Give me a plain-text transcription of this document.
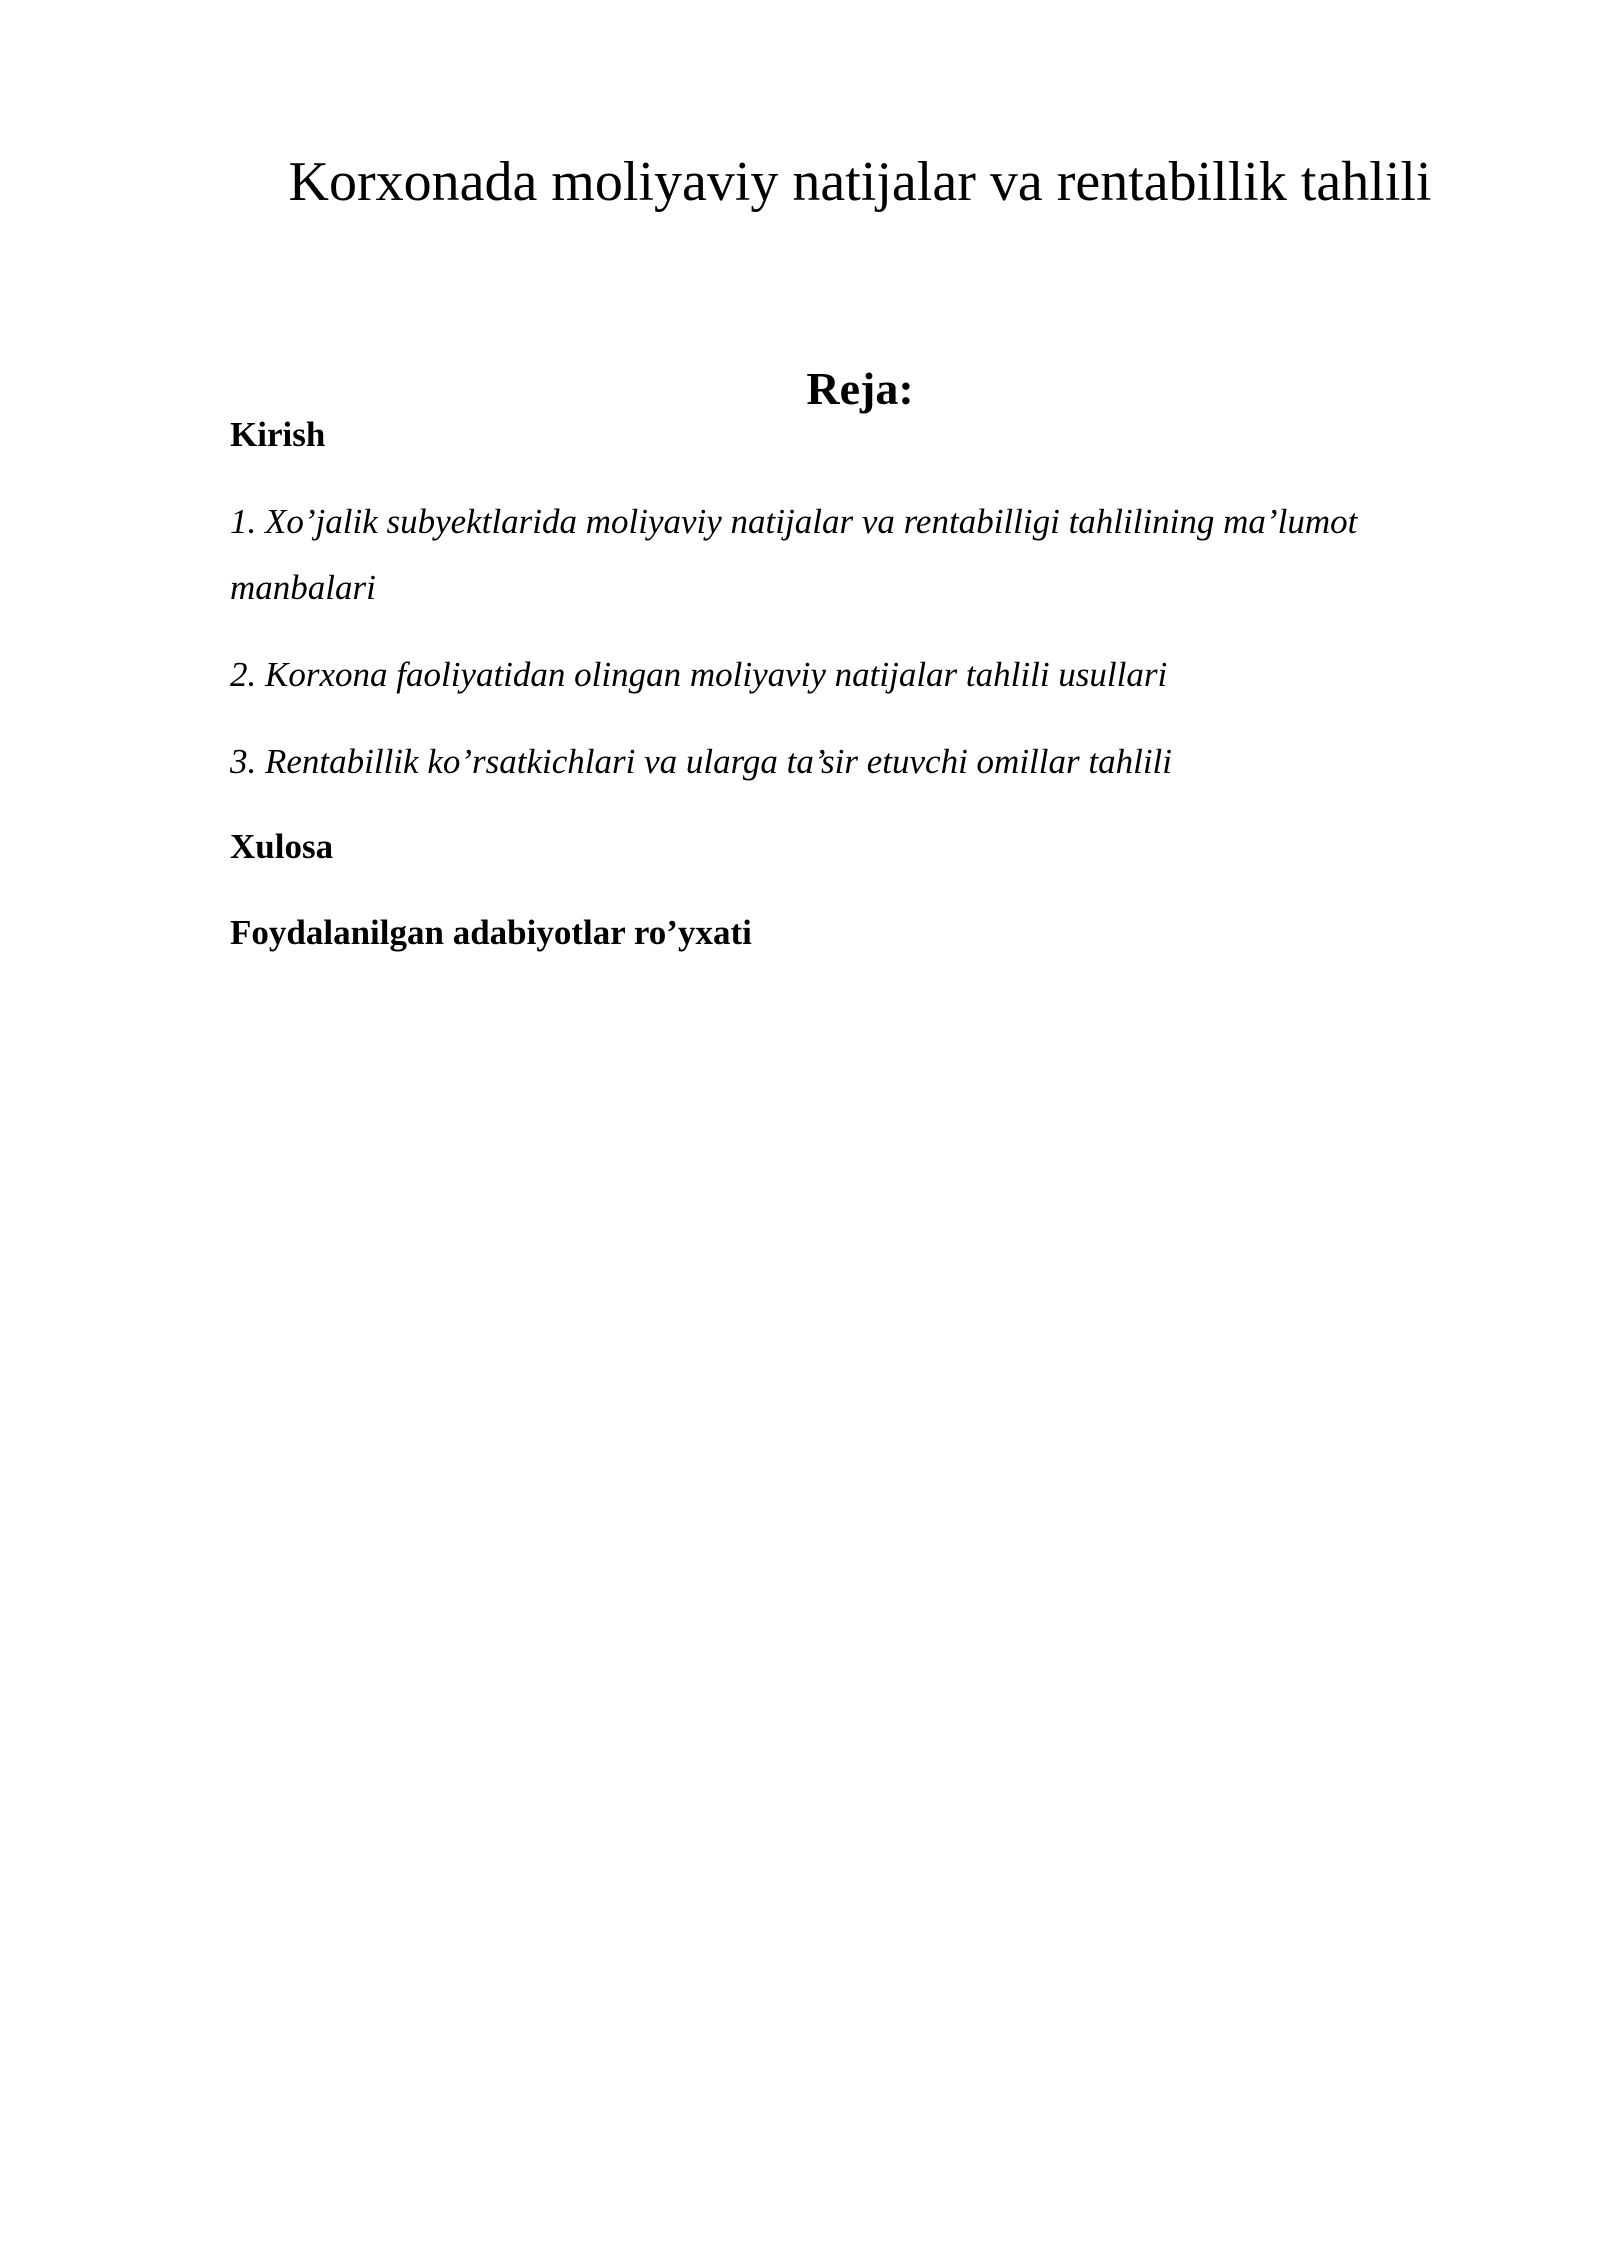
Korxonada moliyaviy natijalar va rentabillik tahlili
Reja:
Kirish
1. Xo’jalik subyektlarida moliyaviy natijalar va rentabilligi tahlilining ma’lumot
manbalari
2. Korxona faoliyatidan olingan moliyaviy natijalar tahlili usullari
3. Rentabillik ko’rsatkichlari va ularga ta’sir etuvchi omillar tahlili
Xulosa
Foydalanilgan adabiyotlar ro’yxati
